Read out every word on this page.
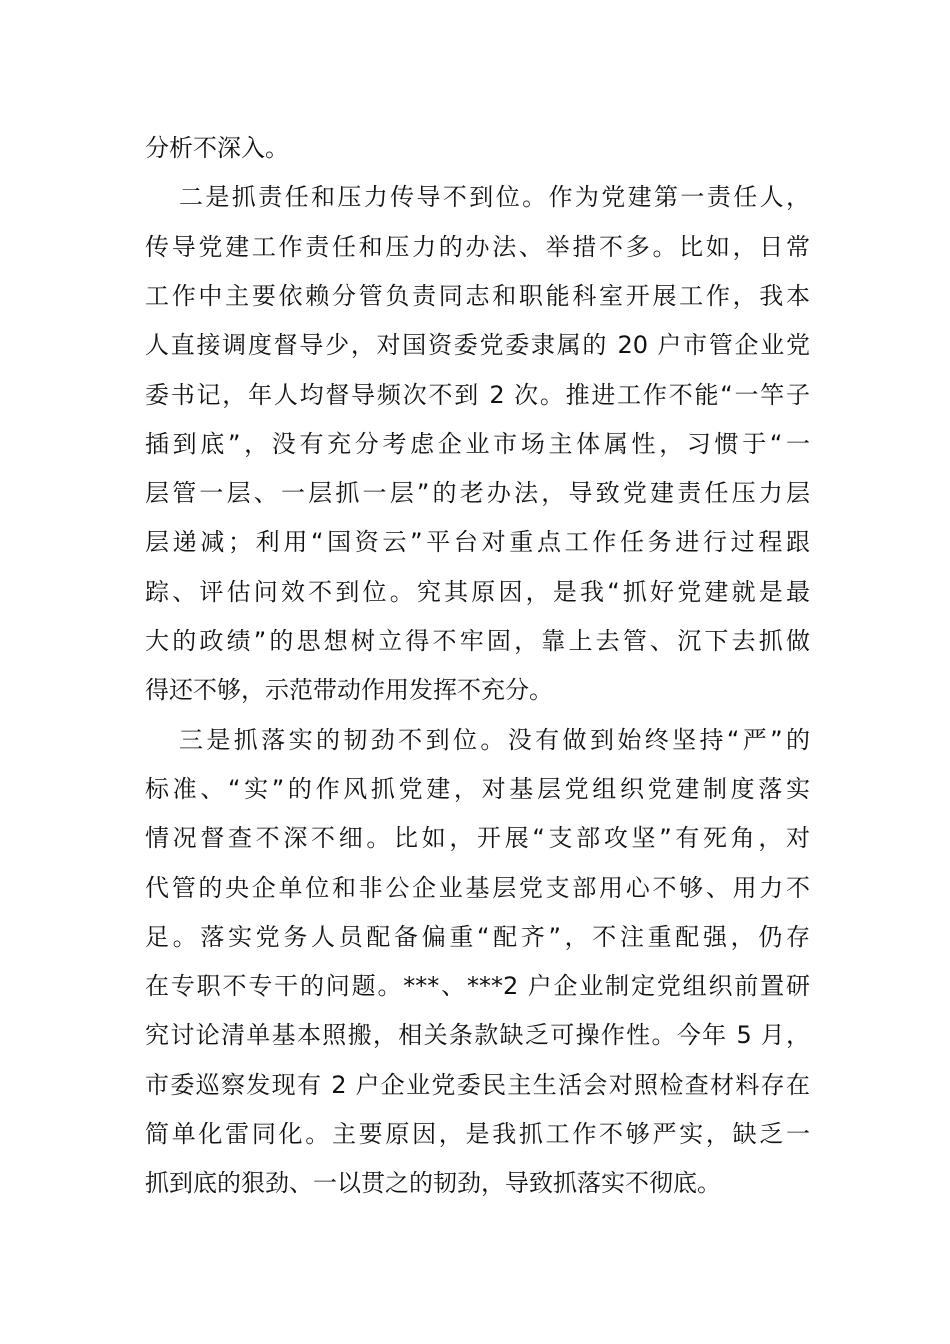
分析不深入。
二是抓责任和压力传导不到位。作为党建第一责任人，
传导党建工作责任和压力的办法、举措不多。比如，日常
工作中主要依赖分管负责同志和职能科室开展工作，我本
人直接调度督导少，对国资委党委隶属的 20 户市管企业党
委书记，年人均督导频次不到 2 次。推进工作不能“一竿子
插到底”，没有充分考虑企业市场主体属性，习惯于“一
层管一层、一层抓一层”的老办法，导致党建责任压力层
层递减；利用“国资云”平台对重点工作任务进行过程跟
踪、评估问效不到位。究其原因，是我“抓好党建就是最
大的政绩”的思想树立得不牢固，靠上去管、沉下去抓做
得还不够，示范带动作用发挥不充分。
三是抓落实的韧劲不到位。没有做到始终坚持“严”的
标准、“实”的作风抓党建，对基层党组织党建制度落实
情况督查不深不细。比如，开展“支部攻坚”有死角，对
代管的央企单位和非公企业基层党支部用心不够、用力不
足。落实党务人员配备偏重“配齐”，不注重配强，仍存
在专职不专干的问题。***、***2 户企业制定党组织前置研
究讨论清单基本照搬，相关条款缺乏可操作性。今年 5 月，
市委巡察发现有 2 户企业党委民主生活会对照检查材料存在
简单化雷同化。主要原因，是我抓工作不够严实，缺乏一
抓到底的狠劲、一以贯之的韧劲，导致抓落实不彻底。
